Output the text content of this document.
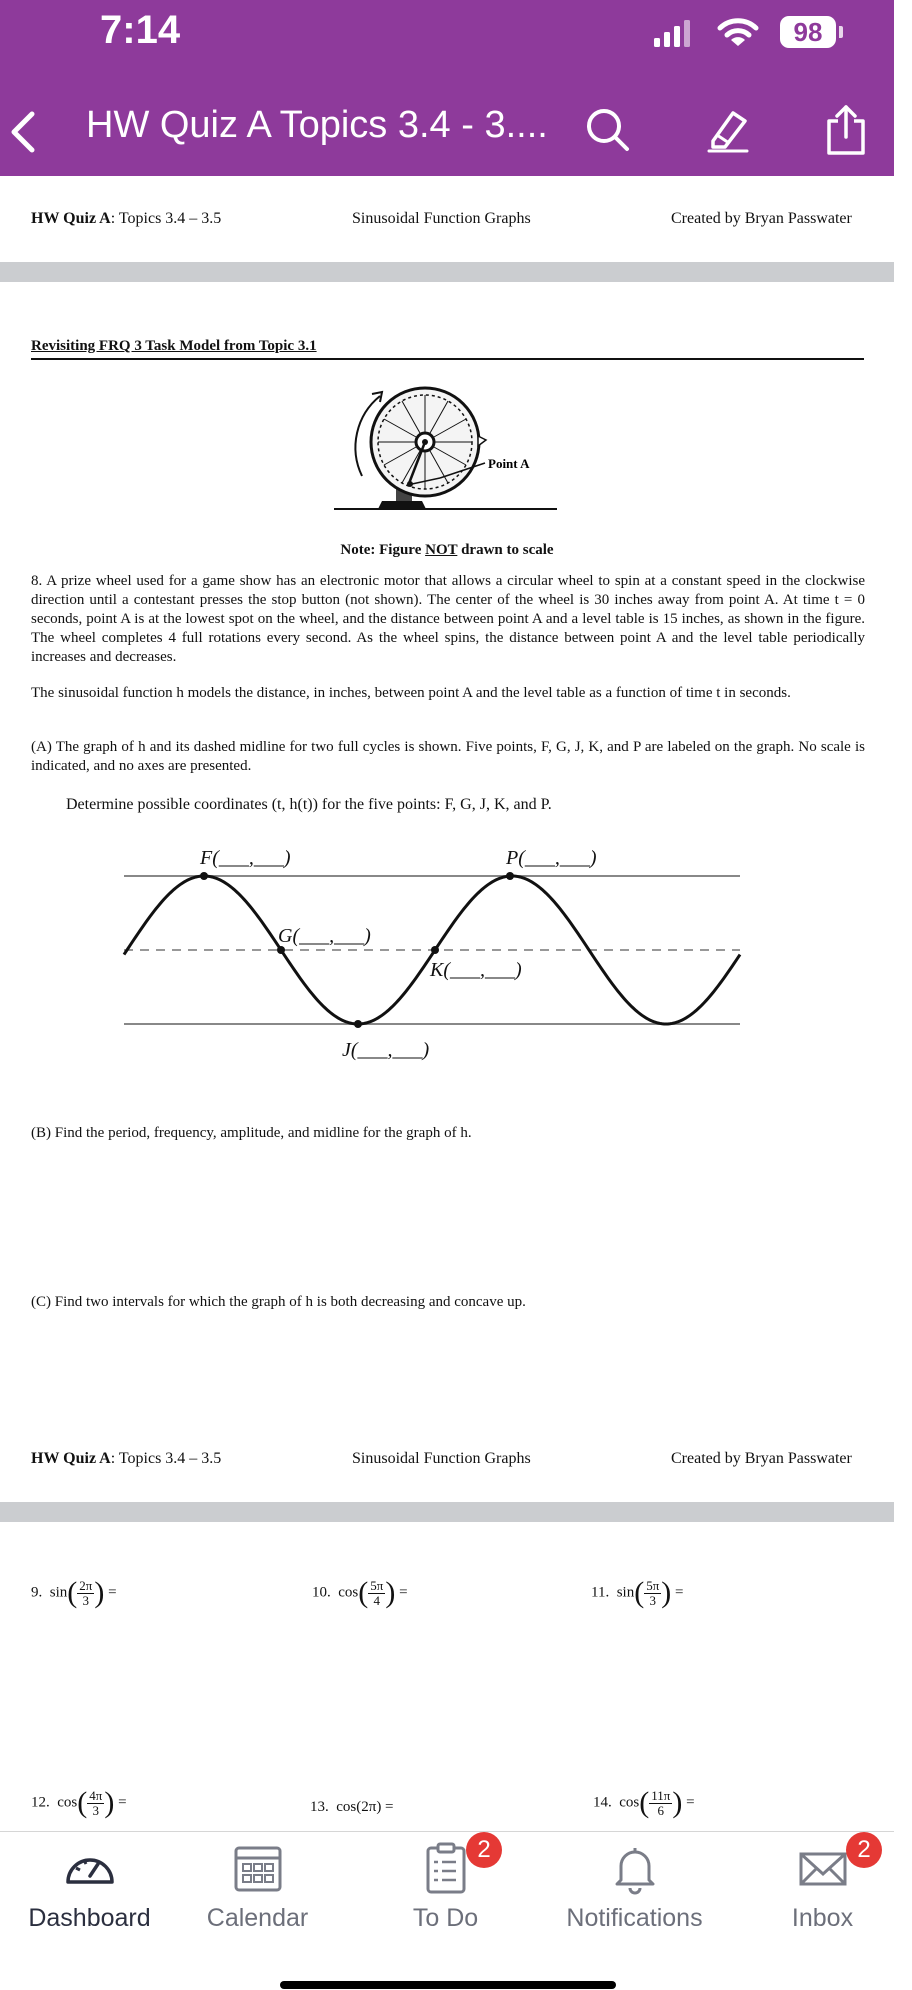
7:14	98
HW Quiz A Topics 3.4 - 3....
HW Quiz A: Topics 3.4 – 3.5	Sinusoidal Function Graphs	Created by Bryan Passwater
Revisiting FRQ 3 Task Model from Topic 3.1
Point A
Note: Figure NOT drawn to scale
8. A prize wheel used for a game show has an electronic motor that allows a circular wheel to spin at a constant speed in the clockwise direction until a contestant presses the stop button (not shown). The center of the wheel is 30 inches away from point A. At time t = 0 seconds, point A is at the lowest spot on the wheel, and the distance between point A and a level table is 15 inches, as shown in the figure. The wheel completes 4 full rotations every second. As the wheel spins, the distance between point A and the level table periodically increases and decreases.
The sinusoidal function h models the distance, in inches, between point A and the level table as a function of time t in seconds.
(A) The graph of h and its dashed midline for two full cycles is shown. Five points, F, G, J, K, and P are labeled on the graph. No scale is indicated, and no axes are presented.
Determine possible coordinates (t, h(t)) for the five points: F, G, J, K, and P.
F(___,___)	P(___,___)
G(___,___)
K(___,___)
J(___,___)
(B) Find the period, frequency, amplitude, and midline for the graph of h.
(C) Find two intervals for which the graph of h is both decreasing and concave up.
HW Quiz A: Topics 3.4 – 3.5	Sinusoidal Function Graphs	Created by Bryan Passwater
9. $\sin( \frac{2\pi}{3}$ ) =	10. $\cos( \frac{5\pi}{4}$ ) =	11. $\sin( \frac{5\pi}{3}$ ) =
12. $\cos( \frac{4\pi}{3}$ ) =	13. cos(2π) =	14. $\cos( \frac{11\pi}{6}$ ) =
Dashboard	Calendar
2
To Do	Notifications
2
Inbox
